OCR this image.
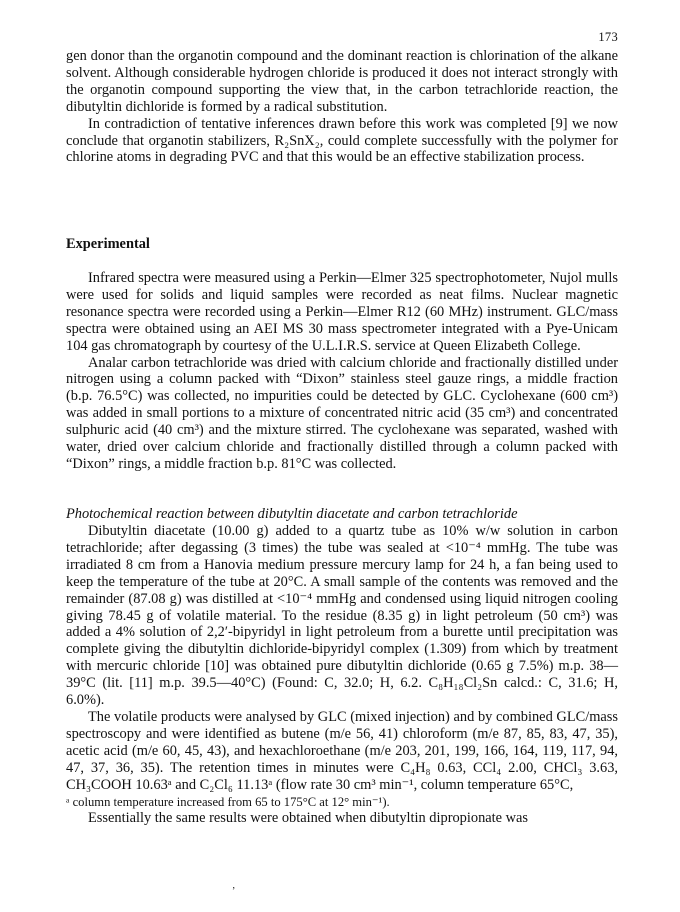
173

gen donor than the organotin compound and the dominant reaction is chlorination of the alkane solvent. Although considerable hydrogen chloride is produced it does not interact strongly with the organotin compound supporting the view that, in the carbon tetrachloride reaction, the dibutyltin dichloride is formed by a radical substitution.

In contradiction of tentative inferences drawn before this work was completed [9] we now conclude that organotin stabilizers, R₂SnX₂, could complete successfully with the polymer for chlorine atoms in degrading PVC and that this would be an effective stabilization process.

Experimental

Infrared spectra were measured using a Perkin—Elmer 325 spectrophotometer, Nujol mulls were used for solids and liquid samples were recorded as neat films. Nuclear magnetic resonance spectra were recorded using a Perkin—Elmer R12 (60 MHz) instrument. GLC/mass spectra were obtained using an AEI MS 30 mass spectrometer integrated with a Pye-Unicam 104 gas chromatograph by courtesy of the U.L.I.R.S. service at Queen Elizabeth College.

Analar carbon tetrachloride was dried with calcium chloride and fractionally distilled under nitrogen using a column packed with “Dixon” stainless steel gauze rings, a middle fraction (b.p. 76.5°C) was collected, no impurities could be detected by GLC. Cyclohexane (600 cm³) was added in small portions to a mixture of concentrated nitric acid (35 cm³) and concentrated sulphuric acid (40 cm³) and the mixture stirred. The cyclohexane was separated, washed with water, dried over calcium chloride and fractionally distilled through a column packed with “Dixon” rings, a middle fraction b.p. 81°C was collected.

Photochemical reaction between dibutyltin diacetate and carbon tetrachloride

Dibutyltin diacetate (10.00 g) added to a quartz tube as 10% w/w solution in carbon tetrachloride; after degassing (3 times) the tube was sealed at <10⁻⁴ mmHg. The tube was irradiated 8 cm from a Hanovia medium pressure mercury lamp for 24 h, a fan being used to keep the temperature of the tube at 20°C. A small sample of the contents was removed and the remainder (87.08 g) was distilled at <10⁻⁴ mmHg and condensed using liquid nitrogen cooling giving 78.45 g of volatile material. To the residue (8.35 g) in light petroleum (50 cm³) was added a 4% solution of 2,2′-bipyridyl in light petroleum from a burette until precipitation was complete giving the dibutyltin dichloride-bipyridyl complex (1.309) from which by treatment with mercuric chloride [10] was obtained pure dibutyltin dichloride (0.65 g 7.5%) m.p. 38—39°C (lit. [11] m.p. 39.5—40°C) (Found: C, 32.0; H, 6.2. C₈H₁₈Cl₂Sn calcd.: C, 31.6; H, 6.0%).

The volatile products were analysed by GLC (mixed injection) and by combined GLC/mass spectroscopy and were identified as butene (m/e 56, 41) chloroform (m/e 87, 85, 83, 47, 35), acetic acid (m/e 60, 45, 43), and hexachloroethane (m/e 203, 201, 199, 166, 164, 119, 117, 94, 47, 37, 36, 35). The retention times in minutes were C₄H₈ 0.63, CCl₄ 2.00, CHCl₃ 3.63, CH₃COOH 10.63ᵃ and C₂Cl₆ 11.13ᵃ (flow rate 30 cm³ min⁻¹, column temperature 65°C,

ᵃ column temperature increased from 65 to 175°C at 12° min⁻¹).

Essentially the same results were obtained when dibutyltin dipropionate was

‚
